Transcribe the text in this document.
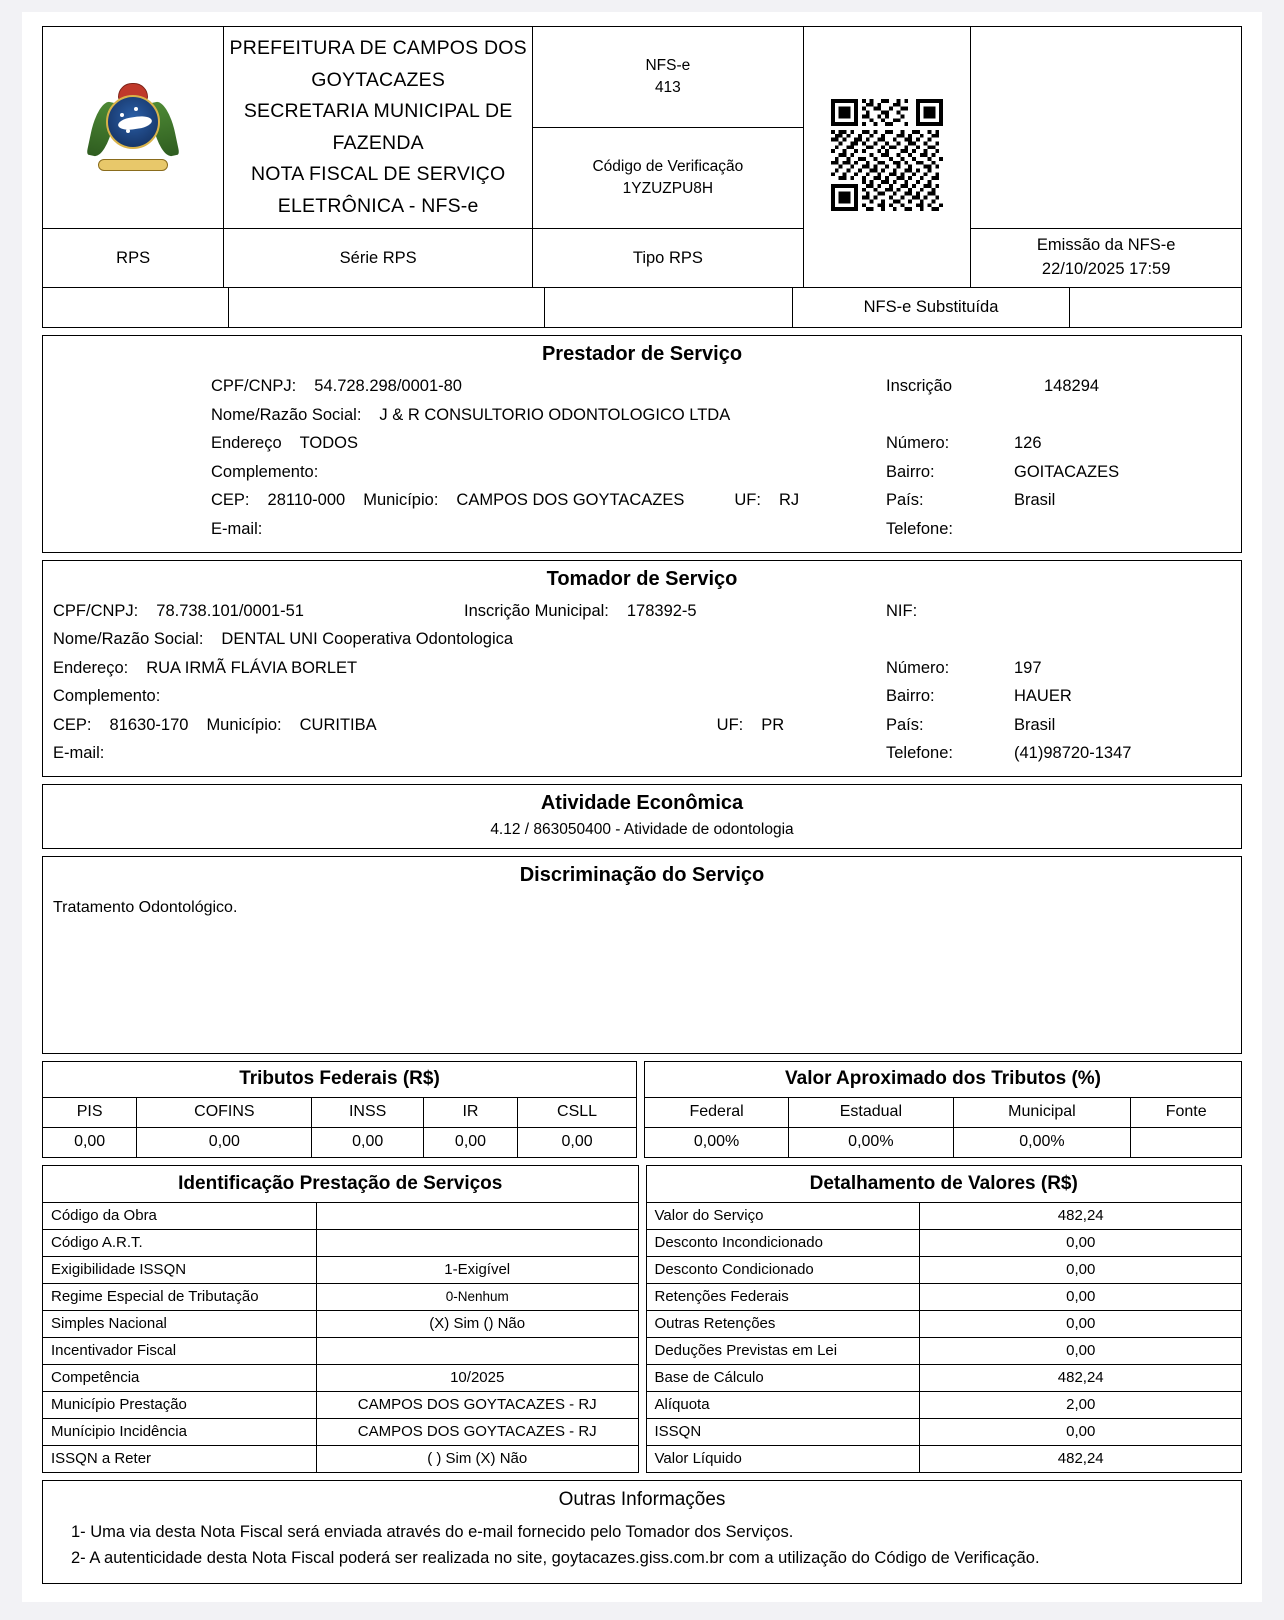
PREFEITURA DE CAMPOS DOS GOYTACAZES
SECRETARIA MUNICIPAL DE FAZENDA
NOTA FISCAL DE SERVIÇO ELETRÔNICA - NFS-e

NFS-e
413

		Código de Verificação
1YZUZPU8H		

RPS	Série RPS	Tipo RPS		Emissão da NFS-e
22/10/2025 17:59
			NFS-e Substituída	
Prestador de Serviço
CPF/CNPJ: 54.728.298/0001-80
Nome/Razão Social: J & R CONSULTORIO ODONTOLOGICO LTDA
Endereço TODOS
Complemento:
CEP: 28110-000 Município: CAMPOS DOS GOYTACAZES	UF: RJ
E-mail:
Inscrição	148294

Número:	126
Bairro:	GOITACAZES
País:	Brasil
Telefone:
Tomador de Serviço
CPF/CNPJ: 78.738.101/0001-51	Inscrição Municipal: 178392-5
Nome/Razão Social: DENTAL UNI Cooperativa Odontologica
Endereço: RUA IRMÃ FLÁVIA BORLET
Complemento:
CEP: 81630-170 Município: CURITIBA	UF: PR
E-mail:
NIF:

Número:	197
Bairro:	HAUER
País:	Brasil
Telefone:	(41)98720-1347
Atividade Econômica
4.12 / 863050400 - Atividade de odontologia
Discriminação do Serviço
Tratamento Odontológico.
Tributos Federais (R$)				
PIS	COFINS	INSS	IR	CSLL
0,00	0,00	0,00	0,00	0,00
Valor Aproximado dos Tributos (%)			
Federal	Estadual	Municipal	Fonte
0,00%	0,00%	0,00%	
Identificação Prestação de Serviços	
Código da Obra	
Código A.R.T.	
Exigibilidade ISSQN	1-Exigível
Regime Especial de Tributação	0-Nenhum
Simples Nacional	(X) Sim () Não
Incentivador Fiscal	
Competência	10/2025
Município Prestação	CAMPOS DOS GOYTACAZES - RJ
Munícipio Incidência	CAMPOS DOS GOYTACAZES - RJ
ISSQN a Reter	( ) Sim (X) Não
Detalhamento de Valores (R$)	
Valor do Serviço	482,24
Desconto Incondicionado	0,00
Desconto Condicionado	0,00
Retenções Federais	0,00
Outras Retenções	0,00
Deduções Previstas em Lei	0,00
Base de Cálculo	482,24
Alíquota	2,00
ISSQN	0,00
Valor Líquido	482,24
Outras Informações
1- Uma via desta Nota Fiscal será enviada através do e-mail fornecido pelo Tomador dos Serviços.
2- A autenticidade desta Nota Fiscal poderá ser realizada no site, goytacazes.giss.com.br com a utilização do Código de Verificação.
